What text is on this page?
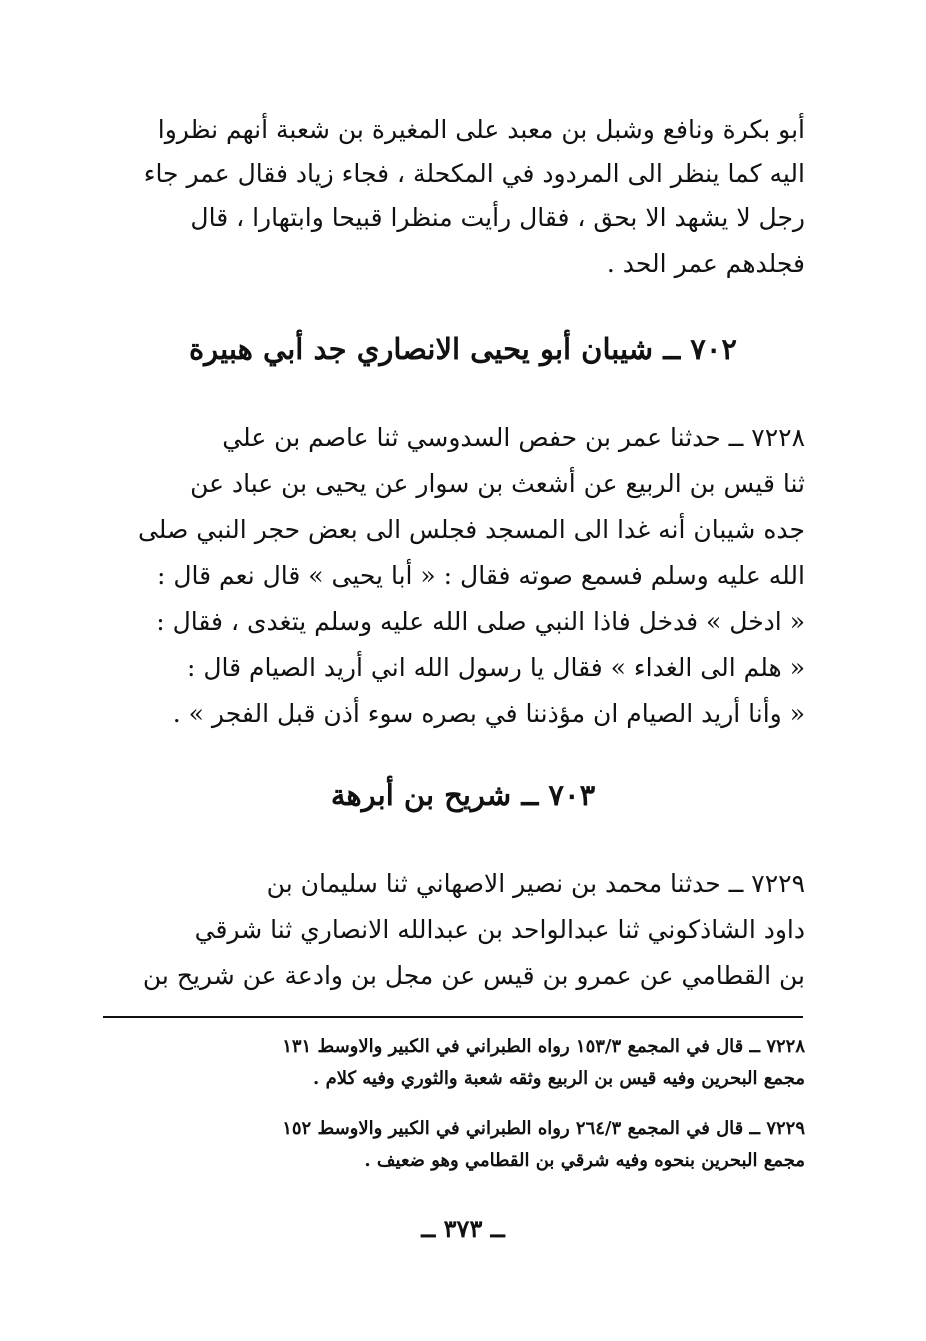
أبو بكرة ونافع وشبل بن معبد على المغيرة بن شعبة أنهم نظروا
اليه كما ينظر الى المردود في المكحلة ، فجاء زياد فقال عمر جاء
رجل لا يشهد الا بحق ، فقال رأيت منظرا قبيحا وابتهارا ، قال
فجلدهم عمر الحد .
٧٠٢ ــ شيبان أبو يحيى الانصاري جد أبي هبيرة
٧٢٢٨ ــ حدثنا عمر بن حفص السدوسي ثنا عاصم بن علي
ثنا قيس بن الربيع عن أشعث بن سوار عن يحيى بن عباد عن
جده شيبان أنه غدا الى المسجد فجلس الى بعض حجر النبي صلى
الله عليه وسلم فسمع صوته فقال : « أبا يحيى » قال نعم قال :
« ادخل » فدخل فاذا النبي صلى الله عليه وسلم يتغدى ، فقال :
« هلم الى الغداء » فقال يا رسول الله اني أريد الصيام قال :
« وأنا أريد الصيام ان مؤذننا في بصره سوء أذن قبل الفجر » .
٧٠٣ ــ شريح بن أبرهة
٧٢٢٩ ــ حدثنا محمد بن نصير الاصهاني ثنا سليمان بن
داود الشاذكوني ثنا عبدالواحد بن عبدالله الانصاري ثنا شرقي
بن القطامي عن عمرو بن قيس عن مجل بن وادعة عن شريح بن
٧٢٢٨ ــ قال في المجمع ١٥٣/٣ رواه الطبراني في الكبير والاوسط ١٣١
مجمع البحرين وفيه قيس بن الربيع وثقه شعبة والثوري وفيه كلام .
٧٢٢٩ ــ قال في المجمع ٢٦٤/٣ رواه الطبراني في الكبير والاوسط ١٥٢
مجمع البحرين بنحوه وفيه شرقي بن القطامي وهو ضعيف .
ــ ٣٧٣ ــ
